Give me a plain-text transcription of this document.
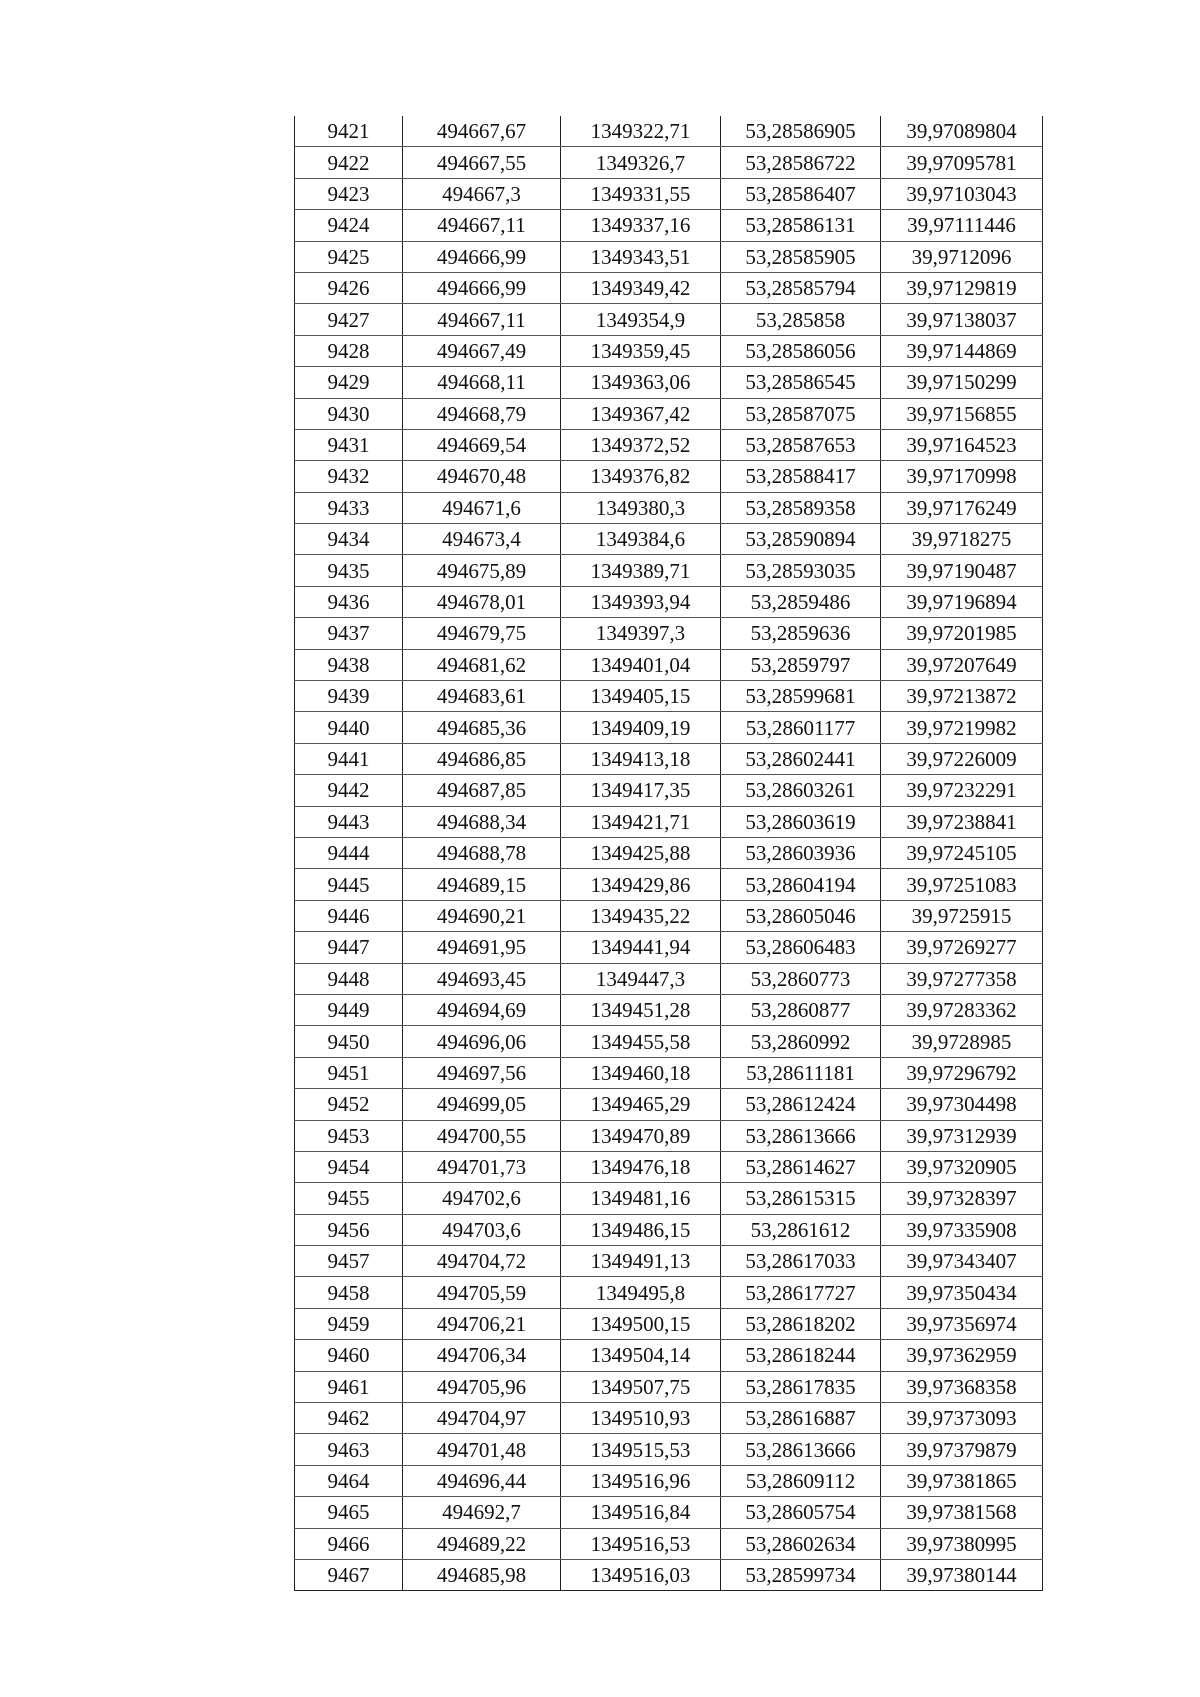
9421	494667,67	1349322,71	53,28586905	39,97089804
9422	494667,55	1349326,7	53,28586722	39,97095781
9423	494667,3	1349331,55	53,28586407	39,97103043
9424	494667,11	1349337,16	53,28586131	39,97111446
9425	494666,99	1349343,51	53,28585905	39,9712096
9426	494666,99	1349349,42	53,28585794	39,97129819
9427	494667,11	1349354,9	53,285858	39,97138037
9428	494667,49	1349359,45	53,28586056	39,97144869
9429	494668,11	1349363,06	53,28586545	39,97150299
9430	494668,79	1349367,42	53,28587075	39,97156855
9431	494669,54	1349372,52	53,28587653	39,97164523
9432	494670,48	1349376,82	53,28588417	39,97170998
9433	494671,6	1349380,3	53,28589358	39,97176249
9434	494673,4	1349384,6	53,28590894	39,9718275
9435	494675,89	1349389,71	53,28593035	39,97190487
9436	494678,01	1349393,94	53,2859486	39,97196894
9437	494679,75	1349397,3	53,2859636	39,97201985
9438	494681,62	1349401,04	53,2859797	39,97207649
9439	494683,61	1349405,15	53,28599681	39,97213872
9440	494685,36	1349409,19	53,28601177	39,97219982
9441	494686,85	1349413,18	53,28602441	39,97226009
9442	494687,85	1349417,35	53,28603261	39,97232291
9443	494688,34	1349421,71	53,28603619	39,97238841
9444	494688,78	1349425,88	53,28603936	39,97245105
9445	494689,15	1349429,86	53,28604194	39,97251083
9446	494690,21	1349435,22	53,28605046	39,9725915
9447	494691,95	1349441,94	53,28606483	39,97269277
9448	494693,45	1349447,3	53,2860773	39,97277358
9449	494694,69	1349451,28	53,2860877	39,97283362
9450	494696,06	1349455,58	53,2860992	39,9728985
9451	494697,56	1349460,18	53,28611181	39,97296792
9452	494699,05	1349465,29	53,28612424	39,97304498
9453	494700,55	1349470,89	53,28613666	39,97312939
9454	494701,73	1349476,18	53,28614627	39,97320905
9455	494702,6	1349481,16	53,28615315	39,97328397
9456	494703,6	1349486,15	53,2861612	39,97335908
9457	494704,72	1349491,13	53,28617033	39,97343407
9458	494705,59	1349495,8	53,28617727	39,97350434
9459	494706,21	1349500,15	53,28618202	39,97356974
9460	494706,34	1349504,14	53,28618244	39,97362959
9461	494705,96	1349507,75	53,28617835	39,97368358
9462	494704,97	1349510,93	53,28616887	39,97373093
9463	494701,48	1349515,53	53,28613666	39,97379879
9464	494696,44	1349516,96	53,28609112	39,97381865
9465	494692,7	1349516,84	53,28605754	39,97381568
9466	494689,22	1349516,53	53,28602634	39,97380995
9467	494685,98	1349516,03	53,28599734	39,97380144
